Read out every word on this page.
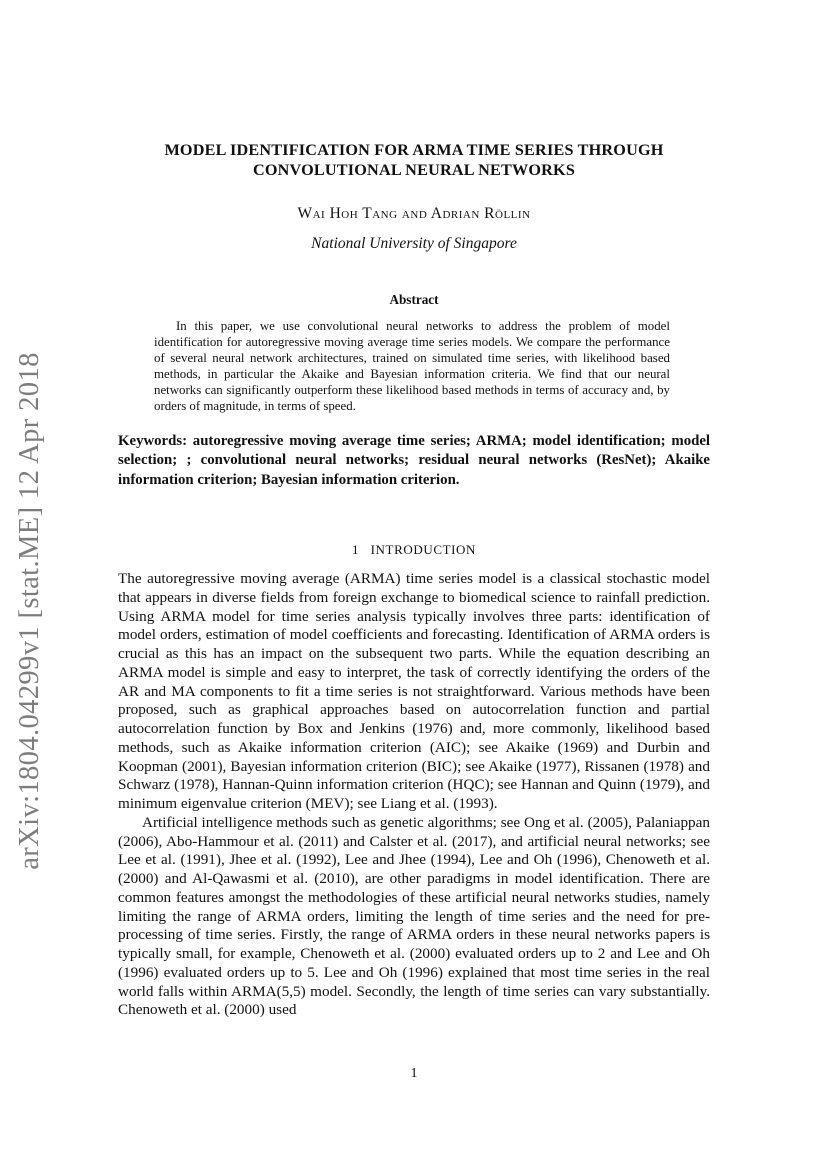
arXiv:1804.04299v1 [stat.ME] 12 Apr 2018
MODEL IDENTIFICATION FOR ARMA TIME SERIES THROUGH CONVOLUTIONAL NEURAL NETWORKS
Wai Hoh Tang and Adrian Röllin
National University of Singapore
Abstract

In this paper, we use convolutional neural networks to address the problem of model identification for autoregressive moving average time series models. We compare the performance of several neural network architectures, trained on simulated time series, with likelihood based methods, in particular the Akaike and Bayesian information criteria. We find that our neural networks can significantly outperform these likelihood based methods in terms of accuracy and, by orders of magnitude, in terms of speed.

Keywords: autoregressive moving average time series; ARMA; model identification; model selection; ; convolutional neural networks; residual neural networks (ResNet); Akaike information criterion; Bayesian information criterion.

1 INTRODUCTION

The autoregressive moving average (ARMA) time series model is a classical stochastic model that appears in diverse fields from foreign exchange to biomedical science to rainfall prediction. Using ARMA model for time series analysis typically involves three parts: identification of model orders, estimation of model coefficients and forecasting. Identification of ARMA orders is crucial as this has an impact on the subsequent two parts. While the equation describing an ARMA model is simple and easy to interpret, the task of correctly identifying the orders of the AR and MA components to fit a time series is not straightforward. Various methods have been proposed, such as graphical approaches based on autocorrelation function and partial autocorrelation function by Box and Jenkins (1976) and, more commonly, likelihood based methods, such as Akaike information criterion (AIC); see Akaike (1969) and Durbin and Koopman (2001), Bayesian information criterion (BIC); see Akaike (1977), Rissanen (1978) and Schwarz (1978), Hannan-Quinn information criterion (HQC); see Hannan and Quinn (1979), and minimum eigenvalue criterion (MEV); see Liang et al. (1993).

Artificial intelligence methods such as genetic algorithms; see Ong et al. (2005), Palaniappan (2006), Abo-Hammour et al. (2011) and Calster et al. (2017), and artificial neural networks; see Lee et al. (1991), Jhee et al. (1992), Lee and Jhee (1994), Lee and Oh (1996), Chenoweth et al. (2000) and Al-Qawasmi et al. (2010), are other paradigms in model identification. There are common features amongst the methodologies of these artificial neural networks studies, namely limiting the range of ARMA orders, limiting the length of time series and the need for pre-processing of time series. Firstly, the range of ARMA orders in these neural networks papers is typically small, for example, Chenoweth et al. (2000) evaluated orders up to 2 and Lee and Oh (1996) evaluated orders up to 5. Lee and Oh (1996) explained that most time series in the real world falls within ARMA(5,5) model. Secondly, the length of time series can vary substantially. Chenoweth et al. (2000) used

1
